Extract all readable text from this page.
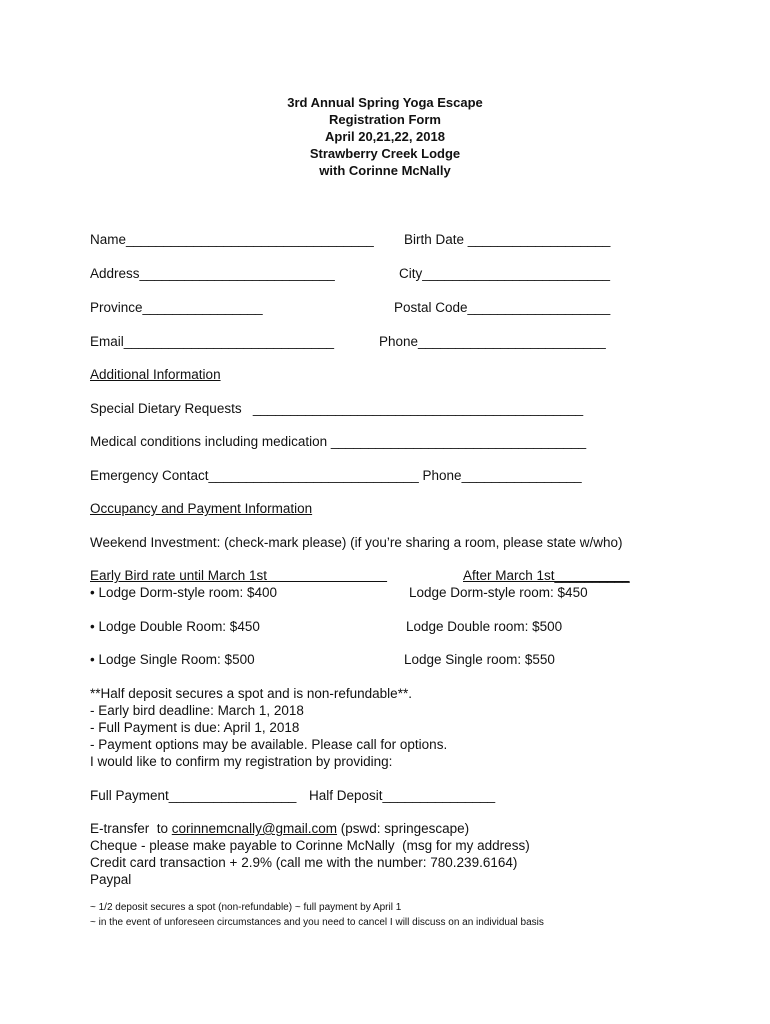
3rd Annual Spring Yoga Escape
Registration Form
April 20,21,22, 2018
Strawberry Creek Lodge
with Corinne McNally
Name_________________________________ Birth Date ___________________
Address__________________________	City_________________________
Province________________	Postal Code___________________
Email____________________________	Phone_________________________
Additional Information
Special Dietary Requests   ____________________________________________
Medical conditions including medication __________________________________
Emergency Contact____________________________ Phone________________
Occupancy and Payment Information
Weekend Investment: (check-mark please) (if you’re sharing a room, please state w/who)
Early Bird rate until March 1st	After March 1st__________
• Lodge Dorm-style room: $400	Lodge Dorm-style room: $450
• Lodge Double Room: $450	Lodge Double room: $500
• Lodge Single Room: $500	Lodge Single room: $550
**Half deposit secures a spot and is non-refundable**.
- Early bird deadline: March 1, 2018
- Full Payment is due: April 1, 2018
- Payment options may be available. Please call for options.
I would like to confirm my registration by providing:
Full Payment_________________ Half Deposit_______________
E-transfer  to corinnemcnally@gmail.com (pswd: springescape)
Cheque - please make payable to Corinne McNally  (msg for my address)
Credit card transaction + 2.9% (call me with the number: 780.239.6164)
Paypal
~ 1/2 deposit secures a spot (non-refundable) ~ full payment by April 1
~ in the event of unforeseen circumstances and you need to cancel I will discuss on an individual basis
